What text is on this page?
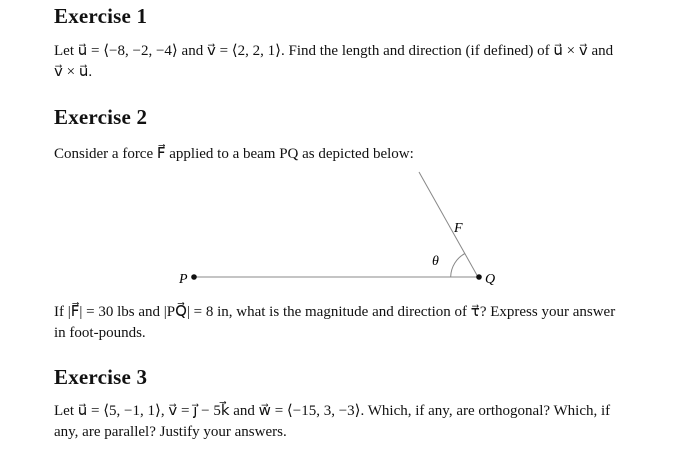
Exercise 1
Let u⃗ = ⟨−8, −2, −4⟩ and v⃗ = ⟨2, 2, 1⟩. Find the length and direction (if defined) of u⃗ × v⃗ and
v⃗ × u⃗.
Exercise 2
Consider a force F⃗ applied to a beam PQ as depicted below:
P	Q
θ
F⃗
If |F⃗| = 30 lbs and |PQ⃗| = 8 in, what is the magnitude and direction of τ⃗? Express your answer
in foot-pounds.
Exercise 3
Let u⃗ = ⟨5, −1, 1⟩, v⃗ = j⃗ − 5k⃗ and w⃗ = ⟨−15, 3, −3⟩. Which, if any, are orthogonal? Which, if
any, are parallel? Justify your answers.
